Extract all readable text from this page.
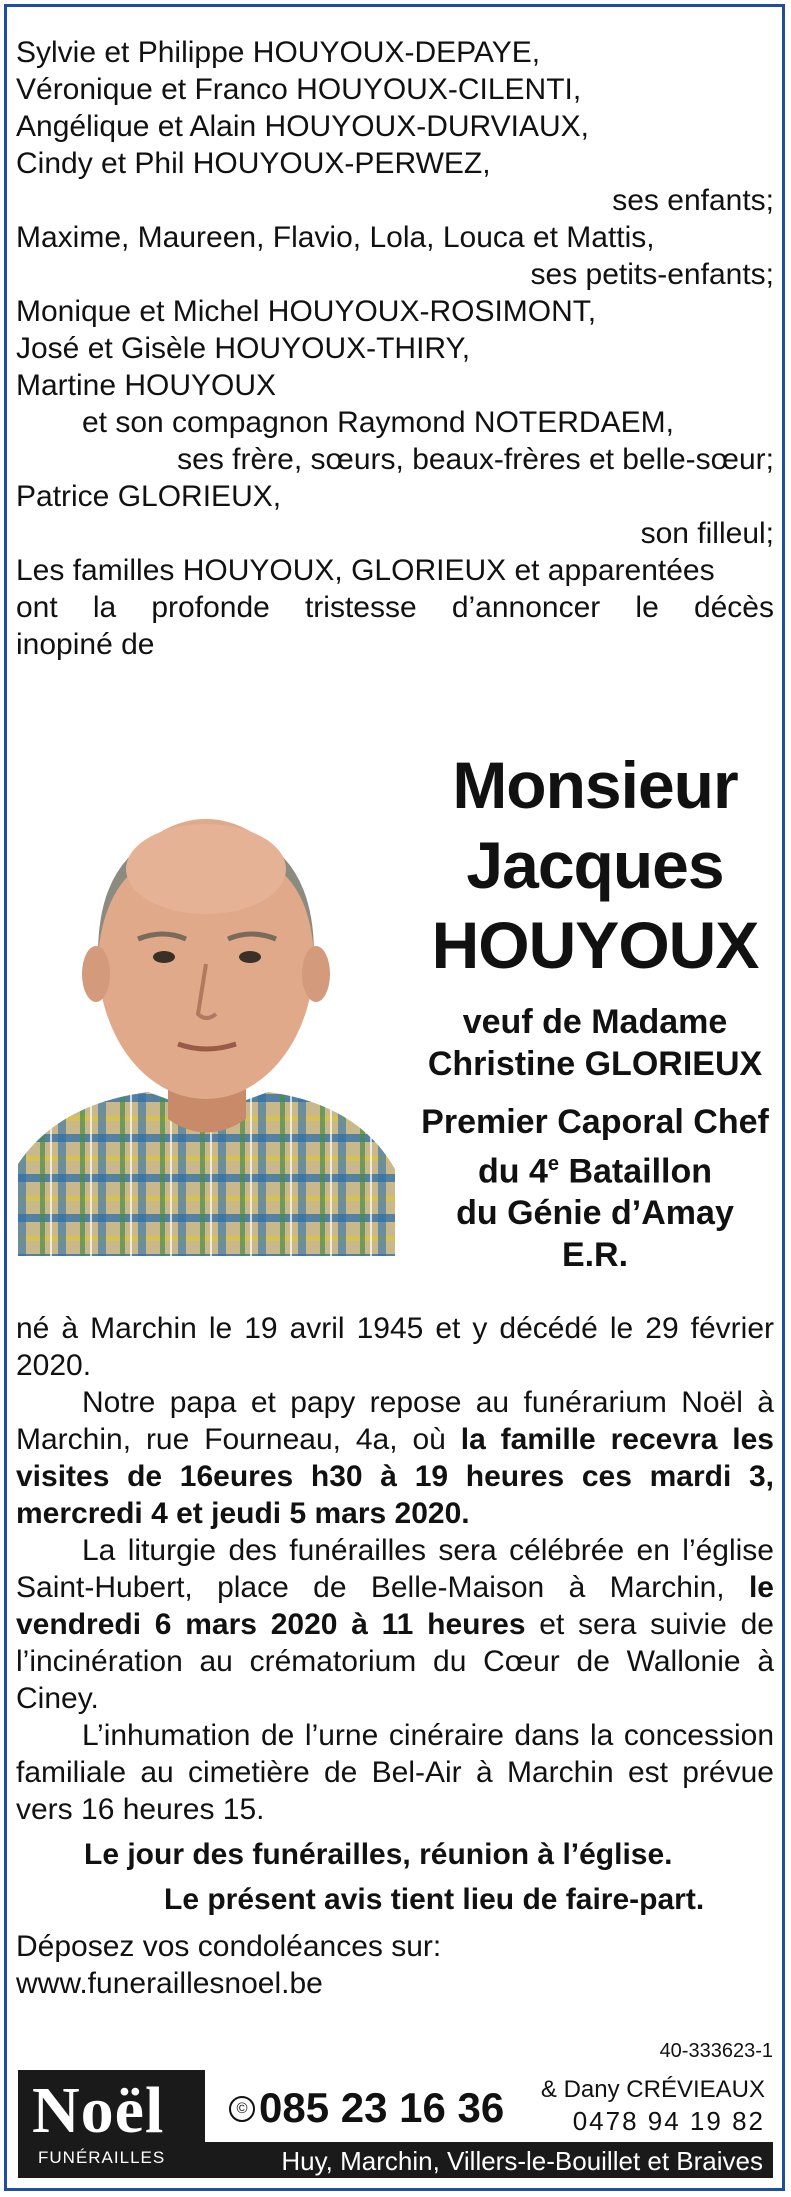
Sylvie et Philippe HOUYOUX-DEPAYE,
Véronique et Franco HOUYOUX-CILENTI,
Angélique et Alain HOUYOUX-DURVIAUX,
Cindy et Phil HOUYOUX-PERWEZ,
ses enfants;
Maxime, Maureen, Flavio, Lola, Louca et Mattis,
ses petits-enfants;
Monique et Michel HOUYOUX-ROSIMONT,
José et Gisèle HOUYOUX-THIRY,
Martine HOUYOUX
et son compagnon Raymond NOTERDAEM,
ses frère, sœurs, beaux-frères et belle-sœur;
Patrice GLORIEUX,
son filleul;
Les familles HOUYOUX, GLORIEUX et apparentées
ont la profonde tristesse d’annoncer le décès
inopiné de
Monsieur
Jacques
HOUYOUX
veuf de Madame
Christine GLORIEUX
Premier Caporal Chef
du 4e Bataillon
du Génie d’Amay
E.R.

né à Marchin le 19 avril 1945 et y décédé le 29 février 2020.

Notre papa et papy repose au funérarium Noël à Marchin, rue Fourneau, 4a, où la famille recevra les visites de 16eures h30 à 19 heures ces mardi 3, mercredi 4 et jeudi 5 mars 2020.

La liturgie des funérailles sera célébrée en l’église Saint-Hubert, place de Belle-Maison à Marchin, le vendredi 6 mars 2020 à 11 heures et sera suivie de l’incinération au crématorium du Cœur de Wallonie à Ciney.

L’inhumation de l’urne cinéraire dans la concession familiale au cimetière de Bel-Air à Marchin est prévue vers 16 heures 15.

Le jour des funérailles, réunion à l’église.

Le présent avis tient lieu de faire-part.

Déposez vos condoléances sur:

www.funeraillesnoel.be

40-333623-1
Noël
FUNÉRAILLES
© 085 23 16 36 & Dany CRÉVIEAUX
0478 94 19 82
Huy, Marchin, Villers-le-Bouillet et Braives
